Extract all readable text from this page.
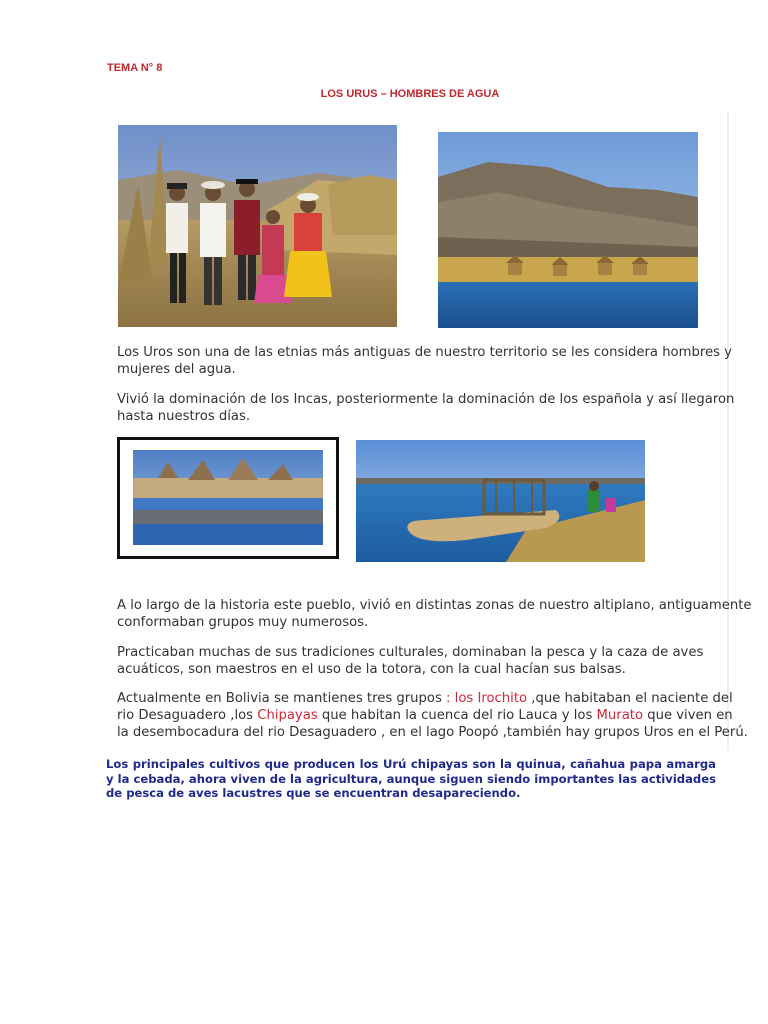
TEMA N° 8
LOS URUS – HOMBRES DE AGUA
Los Uros son una de las etnias más antiguas de nuestro territorio se les considera hombres y
mujeres del agua.
Vivió la dominación de los Incas, posteriormente la dominación de los española y así llegaron
hasta nuestros días.
A lo largo de la historia este pueblo, vivió en distintas zonas de nuestro altiplano, antiguamente
conformaban grupos muy numerosos.
Practicaban muchas de sus tradiciones culturales, dominaban la pesca y la caza de aves
acuáticos, son maestros en el uso de la totora, con la cual hacían sus balsas.
Actualmente en Bolivia se mantienes tres grupos : los Irochito ,que habitaban el naciente del
rio Desaguadero ,los Chipayas que habitan la cuenca del rio Lauca y los Murato que viven en
la desembocadura del rio Desaguadero , en el lago Poopó ,también hay grupos Uros en el Perú.
Los principales cultivos que producen los Urú chipayas son la quinua, cañahua papa amarga y la cebada, ahora viven de la agricultura, aunque siguen siendo importantes las actividades de pesca de aves lacustres que se encuentran desapareciendo.
